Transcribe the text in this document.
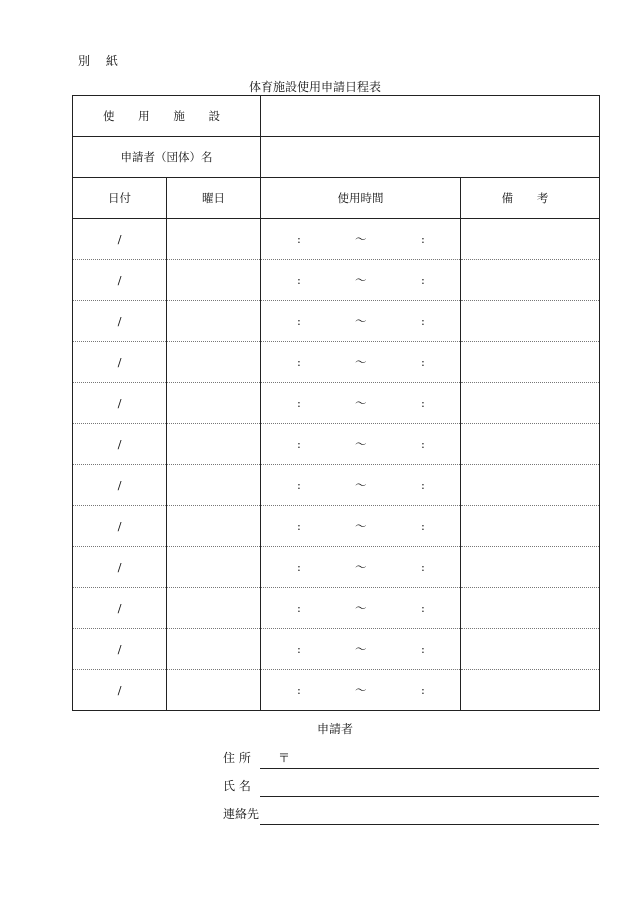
別 紙
体育施設使用申請日程表
使 用 施 設			
申請者（団体）名			
日付	曜日	使用時間	備 考
/		: ～ :	

/		: ～ :	

/		: ～ :	

/		: ～ :	

/		: ～ :	

/		: ～ :	

/		: ～ :	

/		: ～ :	

/		: ～ :	

/		: ～ :	

/		: ～ :	

/		: ～ :	

申請者
住 所 〒
氏 名
連絡先
